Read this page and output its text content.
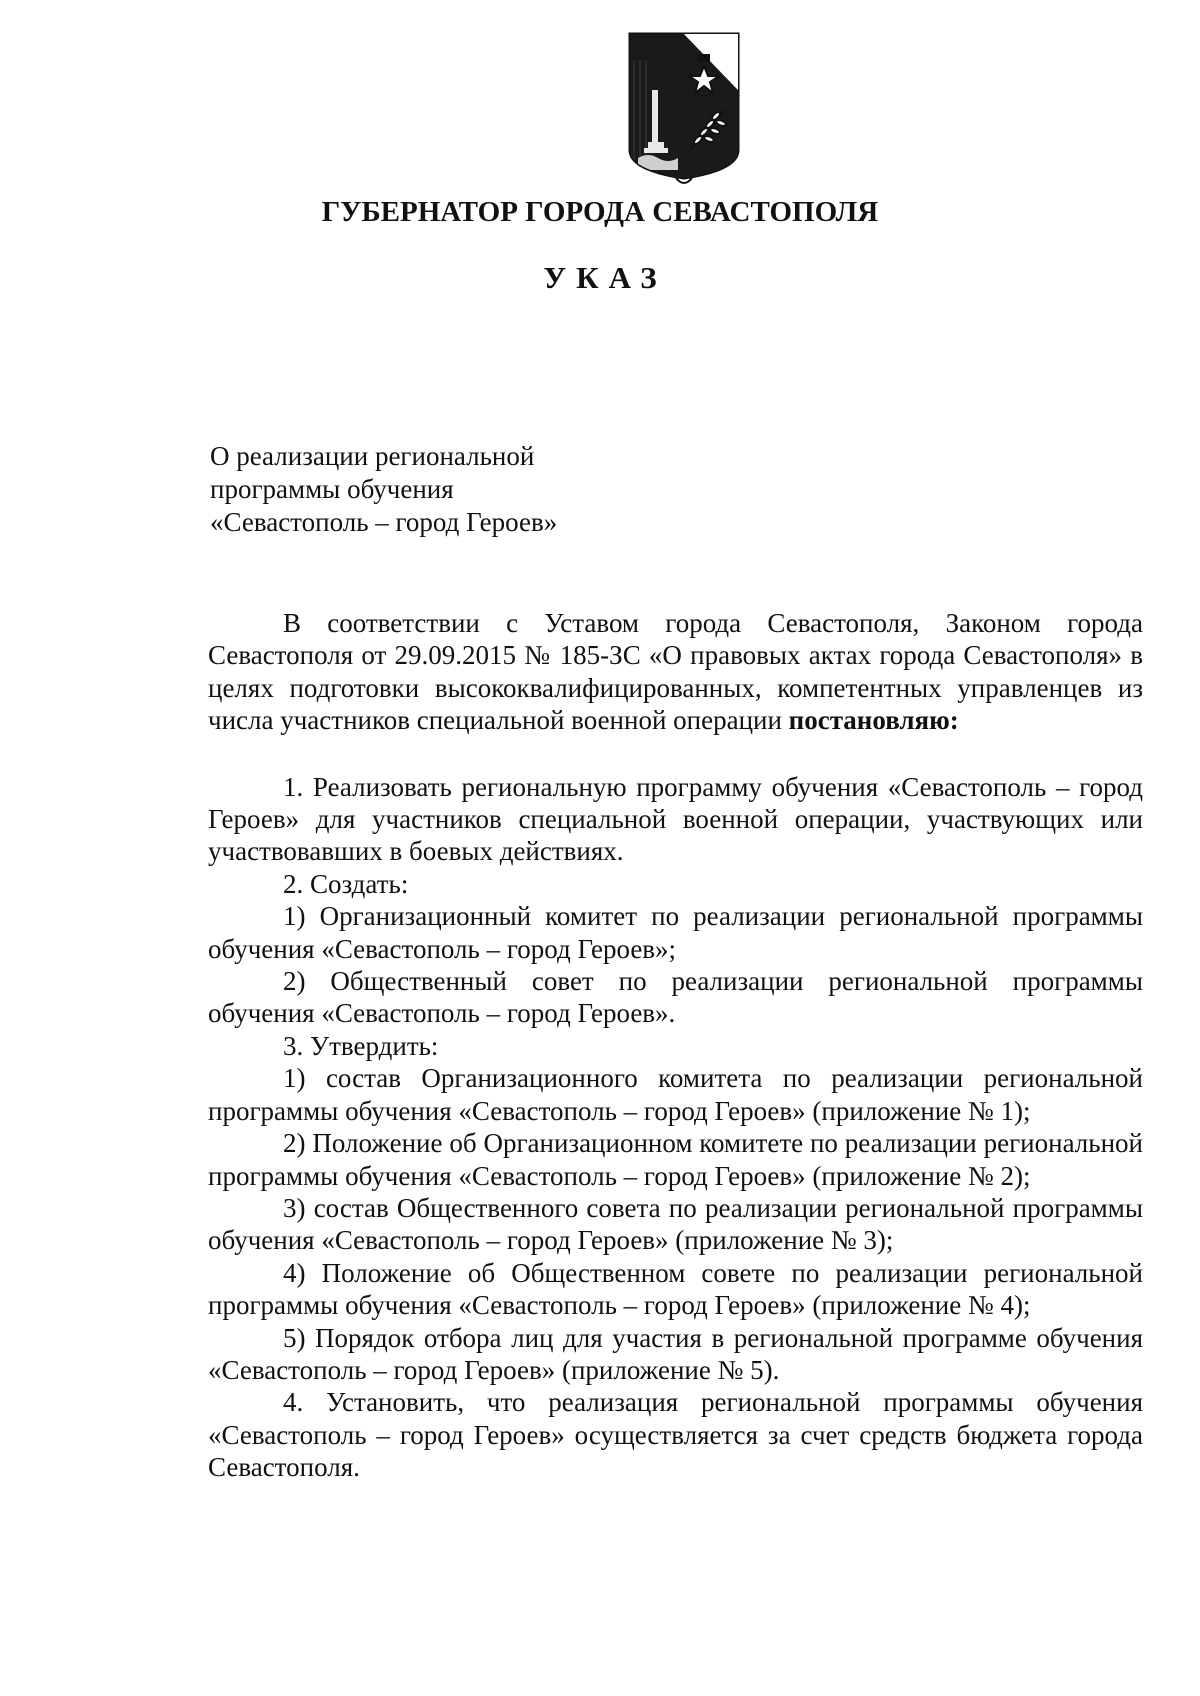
ГУБЕРНАТОР ГОРОДА СЕВАСТОПОЛЯ
УКАЗ
О реализации региональной
программы обучения
«Севастополь – город Героев»

В соответствии с Уставом города Севастополя, Законом города Севастополя от 29.09.2015 № 185-ЗС «О правовых актах города Севастополя» в целях подготовки высококвалифицированных, компетентных управленцев из числа участников специальной военной операции постановляю:

1. Реализовать региональную программу обучения «Севастополь – город Героев» для участников специальной военной операции, участвующих или участвовавших в боевых действиях.

2. Создать:

1) Организационный комитет по реализации региональной программы обучения «Севастополь – город Героев»;

2) Общественный совет по реализации региональной программы обучения «Севастополь – город Героев».

3. Утвердить:

1) состав Организационного комитета по реализации региональной программы обучения «Севастополь – город Героев» (приложение № 1);

2) Положение об Организационном комитете по реализации региональной программы обучения «Севастополь – город Героев» (приложение № 2);

3) состав Общественного совета по реализации региональной программы обучения «Севастополь – город Героев» (приложение № 3);

4) Положение об Общественном совете по реализации региональной программы обучения «Севастополь – город Героев» (приложение № 4);

5) Порядок отбора лиц для участия в региональной программе обучения «Севастополь – город Героев» (приложение № 5).

4. Установить, что реализация региональной программы обучения «Севастополь – город Героев» осуществляется за счет средств бюджета города Севастополя.
